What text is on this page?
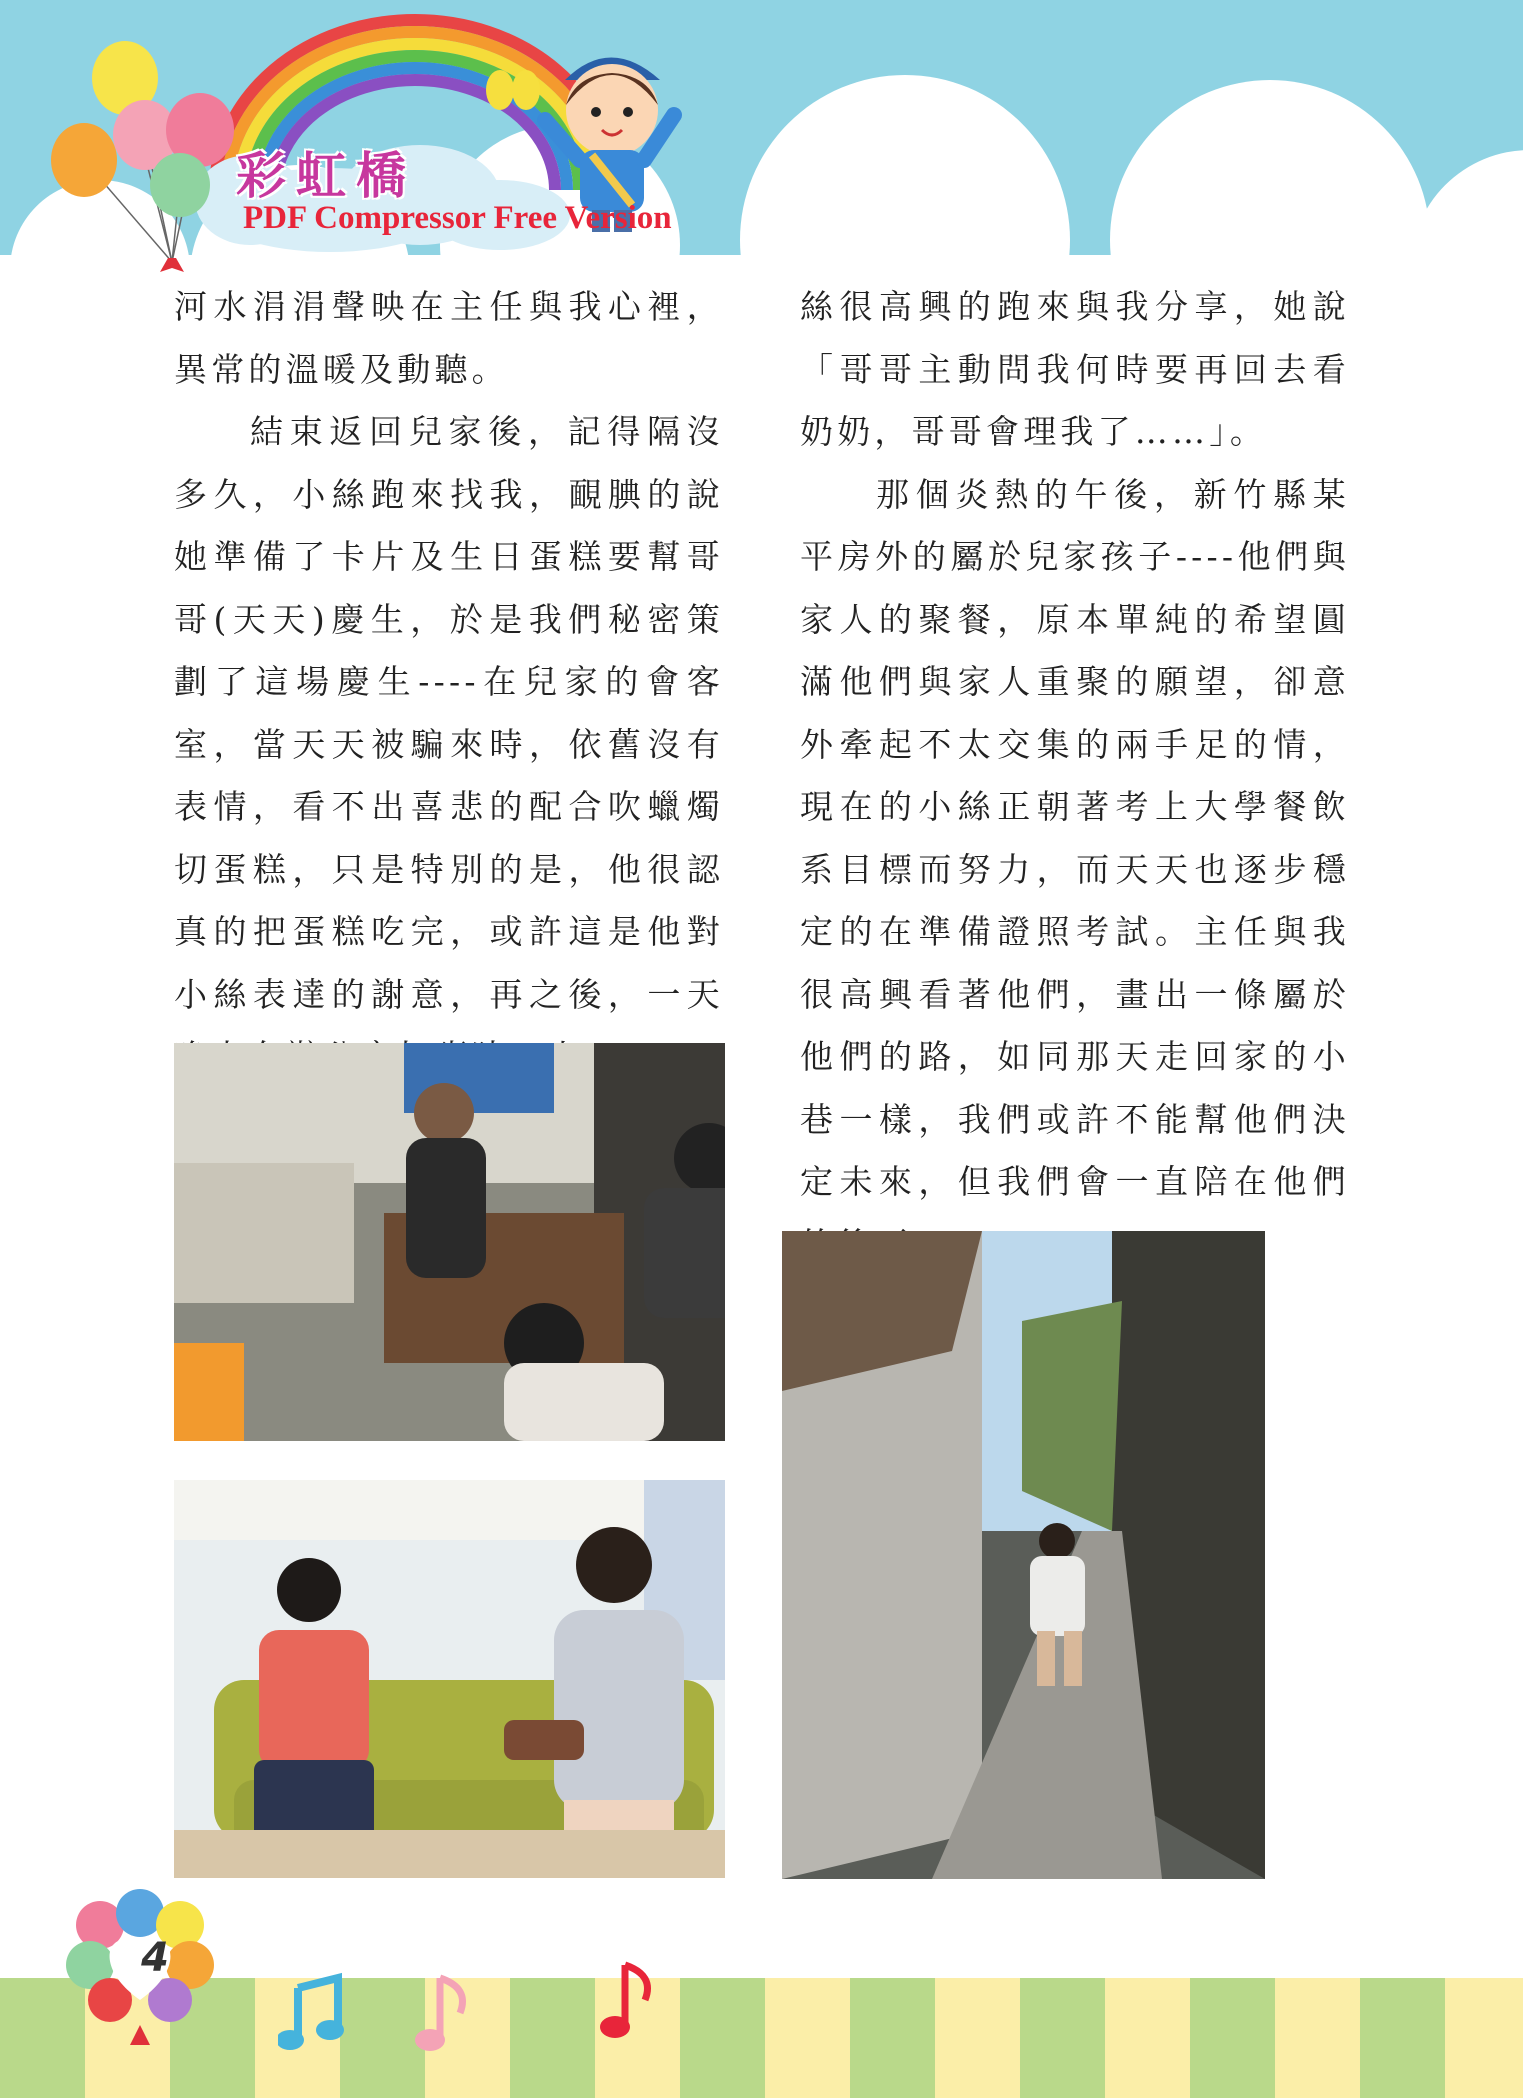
彩虹橋
PDF Compressor Free Version

河水涓涓聲映在主任與我心裡，異常的溫暖及動聽。

結束返回兒家後，記得隔沒多久，小絲跑來找我，靦腆的說她準備了卡片及生日蛋糕要幫哥哥(天天)慶生，於是我們秘密策劃了這場慶生----在兒家的會客室，當天天被騙來時，依舊沒有表情，看不出喜悲的配合吹蠟燭切蛋糕，只是特別的是，他很認真的把蛋糕吃完，或許這是他對小絲表達的謝意，再之後，一天

絲很高興的跑來與我分享，她說「哥哥主動問我何時要再回去看奶奶，哥哥會理我了……」。

那個炎熱的午後，新竹縣某平房外的屬於兒家孩子----他們與家人的聚餐，原本單純的希望圓滿他們與家人重聚的願望，卻意外牽起不太交集的兩手足的情，現在的小絲正朝著考上大學餐飲系目標而努力，而天天也逐步穩定的在準備證照考試。主任與我很高興看著他們，畫出一條屬於他們的路，如同那天走回家的小巷一樣，我們或許不能幫他們決定未來，但我們會一直陪在他們

4
